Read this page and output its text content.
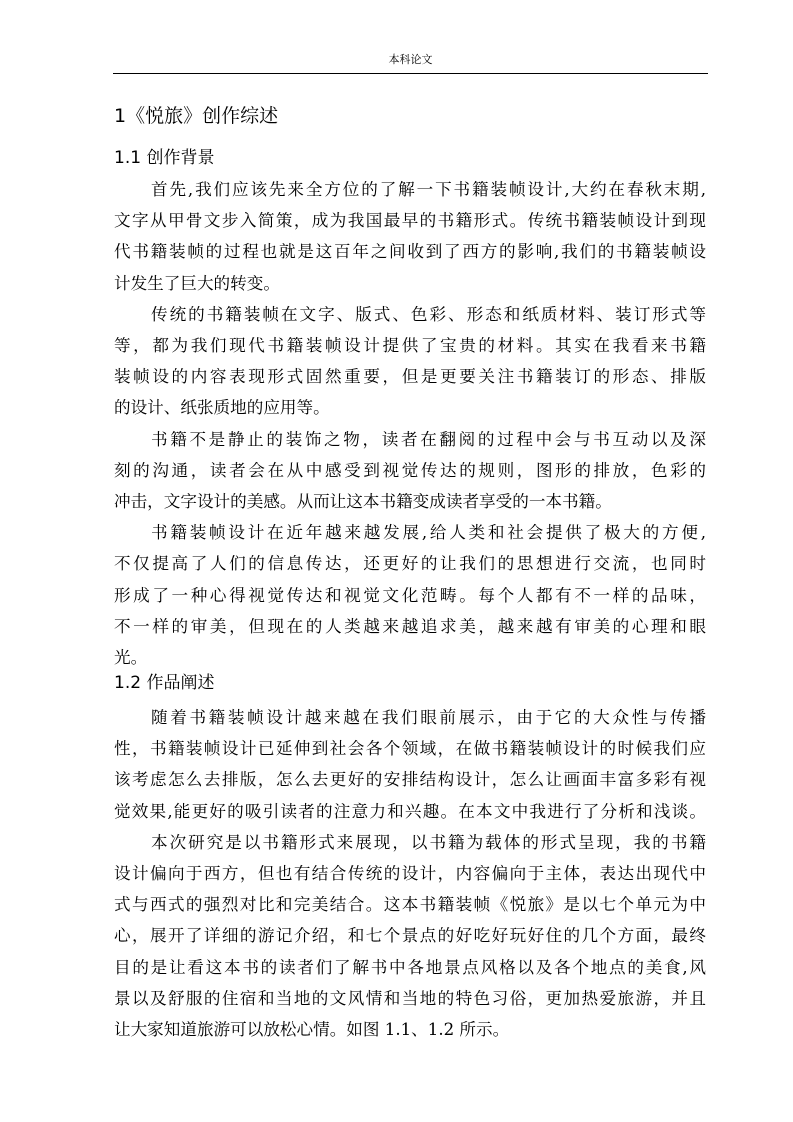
本科论文
1《悦旅》创作综述
1.1 创作背景
首先,我们应该先来全方位的了解一下书籍装帧设计,大约在春秋末期,
文字从甲骨文步入简策，成为我国最早的书籍形式。传统书籍装帧设计到现
代书籍装帧的过程也就是这百年之间收到了西方的影响,我们的书籍装帧设
计发生了巨大的转变。
传统的书籍装帧在文字、版式、色彩、形态和纸质材料、装订形式等
等，都为我们现代书籍装帧设计提供了宝贵的材料。其实在我看来书籍
装帧设的内容表现形式固然重要，但是更要关注书籍装订的形态、排版
的设计、纸张质地的应用等。
书籍不是静止的装饰之物，读者在翻阅的过程中会与书互动以及深
刻的沟通，读者会在从中感受到视觉传达的规则，图形的排放，色彩的
冲击，文字设计的美感。从而让这本书籍变成读者享受的一本书籍。
书籍装帧设计在近年越来越发展,给人类和社会提供了极大的方便,
不仅提高了人们的信息传达，还更好的让我们的思想进行交流，也同时
形成了一种心得视觉传达和视觉文化范畴。每个人都有不一样的品味，
不一样的审美，但现在的人类越来越追求美，越来越有审美的心理和眼
光。
1.2 作品阐述
随着书籍装帧设计越来越在我们眼前展示，由于它的大众性与传播
性，书籍装帧设计已延伸到社会各个领域，在做书籍装帧设计的时候我们应
该考虑怎么去排版，怎么去更好的安排结构设计，怎么让画面丰富多彩有视
觉效果,能更好的吸引读者的注意力和兴趣。在本文中我进行了分析和浅谈。
本次研究是以书籍形式来展现，以书籍为载体的形式呈现，我的书籍
设计偏向于西方，但也有结合传统的设计，内容偏向于主体，表达出现代中
式与西式的强烈对比和完美结合。这本书籍装帧《悦旅》是以七个单元为中
心，展开了详细的游记介绍，和七个景点的好吃好玩好住的几个方面，最终
目的是让看这本书的读者们了解书中各地景点风格以及各个地点的美食,风
景以及舒服的住宿和当地的文风情和当地的特色习俗，更加热爱旅游，并且
让大家知道旅游可以放松心情。如图 1.1、1.2 所示。
